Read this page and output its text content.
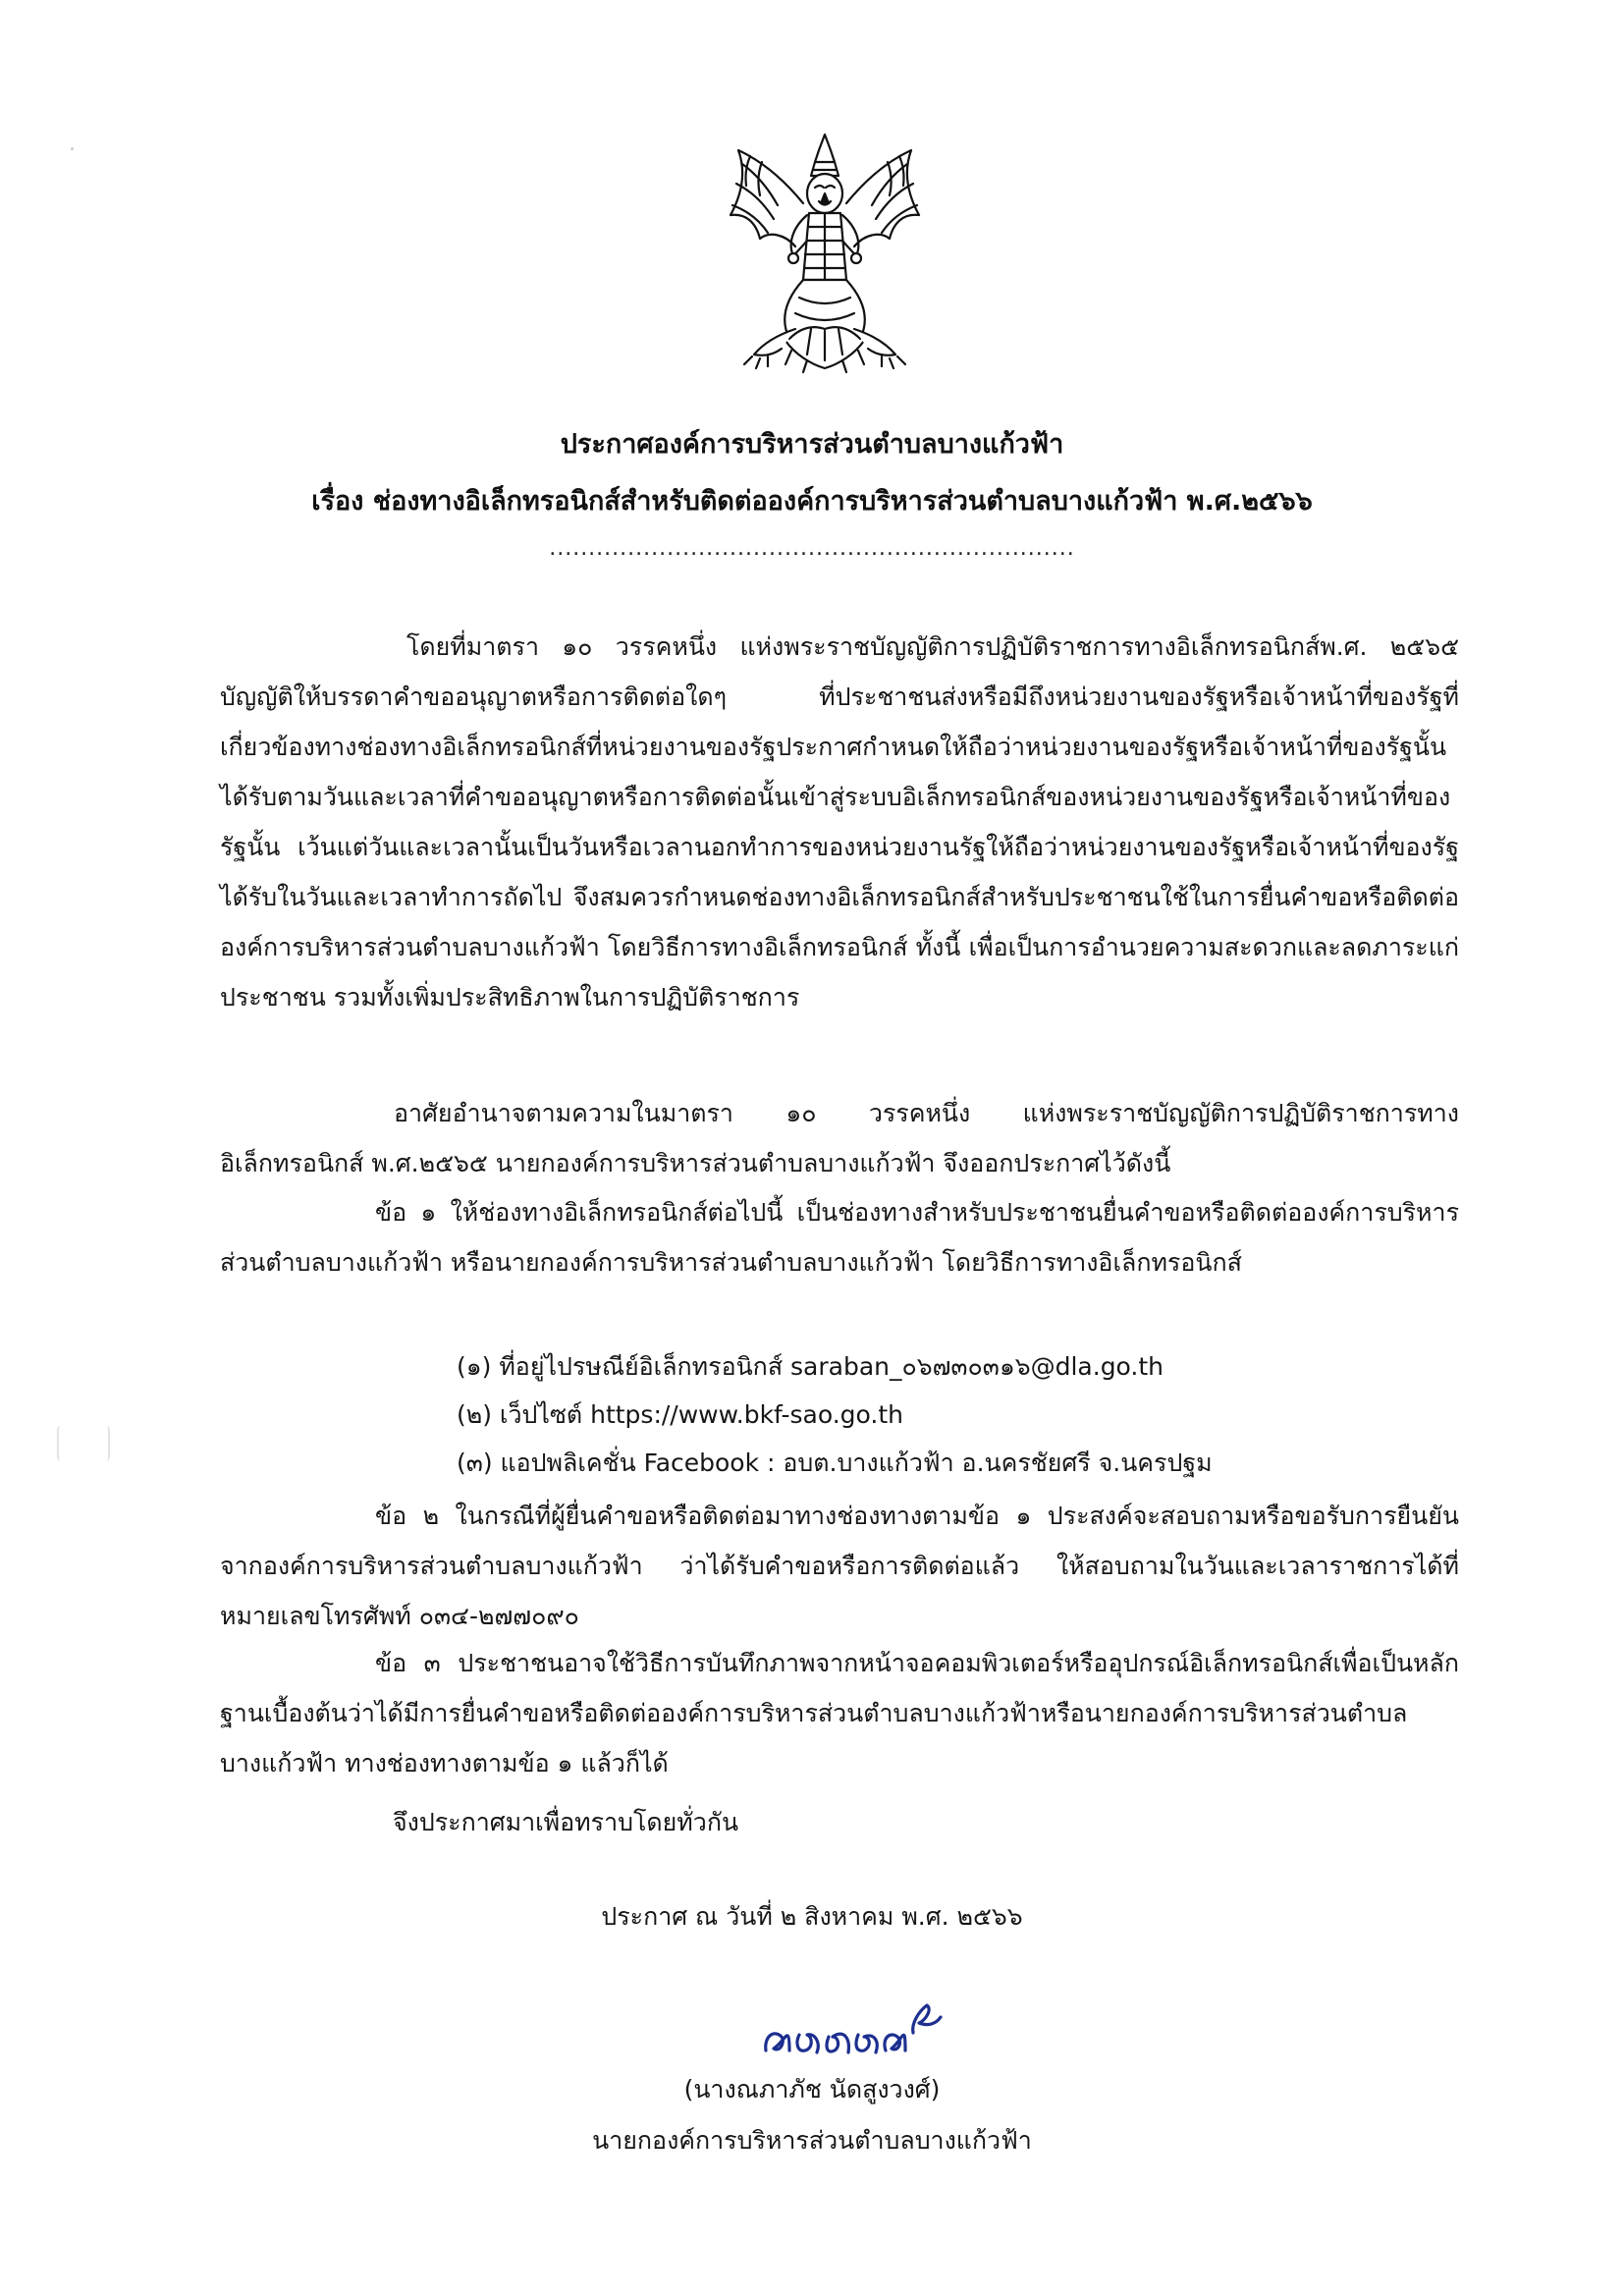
ประกาศองค์การบริหารส่วนตำบลบางแก้วฟ้า
เรื่อง ช่องทางอิเล็กทรอนิกส์สำหรับติดต่อองค์การบริหารส่วนตำบลบางแก้วฟ้า พ.ศ.๒๕๖๖
...................................................................
โดยที่มาตรา ๑๐ วรรคหนึ่ง แห่งพระราชบัญญัติการปฏิบัติราชการทางอิเล็กทรอนิกส์พ.ศ. ๒๕๖๕ บัญญัติให้บรรดาคำขออนุญาตหรือการติดต่อใดๆ ที่ประชาชนส่งหรือมีถึงหน่วยงานของรัฐหรือเจ้าหน้าที่ของรัฐที่เกี่ยวข้องทางช่องทางอิเล็กทรอนิกส์ที่หน่วยงานของรัฐประกาศกำหนดให้ถือว่าหน่วยงานของรัฐหรือเจ้าหน้าที่ของรัฐนั้นได้รับตามวันและเวลาที่คำขออนุญาตหรือการติดต่อนั้นเข้าสู่ระบบอิเล็กทรอนิกส์ของหน่วยงานของรัฐหรือเจ้าหน้าที่ของรัฐนั้น เว้นแต่วันและเวลานั้นเป็นวันหรือเวลานอกทำการของหน่วยงานรัฐให้ถือว่าหน่วยงานของรัฐหรือเจ้าหน้าที่ของรัฐได้รับในวันและเวลาทำการถัดไป จึงสมควรกำหนดช่องทางอิเล็กทรอนิกส์สำหรับประชาชนใช้ในการยื่นคำขอหรือติดต่อองค์การบริหารส่วนตำบลบางแก้วฟ้า โดยวิธีการทางอิเล็กทรอนิกส์ ทั้งนี้ เพื่อเป็นการอำนวยความสะดวกและลดภาระแก่ประชาชน รวมทั้งเพิ่มประสิทธิภาพในการปฏิบัติราชการ
อาศัยอำนาจตามความในมาตรา ๑๐ วรรคหนึ่ง แห่งพระราชบัญญัติการปฏิบัติราชการทางอิเล็กทรอนิกส์ พ.ศ.๒๕๖๕ นายกองค์การบริหารส่วนตำบลบางแก้วฟ้า จึงออกประกาศไว้ดังนี้
ข้อ ๑ ให้ช่องทางอิเล็กทรอนิกส์ต่อไปนี้ เป็นช่องทางสำหรับประชาชนยื่นคำขอหรือติดต่อองค์การบริหารส่วนตำบลบางแก้วฟ้า หรือนายกองค์การบริหารส่วนตำบลบางแก้วฟ้า โดยวิธีการทางอิเล็กทรอนิกส์
(๑) ที่อยู่ไปรษณีย์อิเล็กทรอนิกส์ saraban_๐๖๗๓๐๓๑๖@dla.go.th
(๒) เว็ปไซต์ https://www.bkf-sao.go.th
(๓) แอปพลิเคชั่น Facebook : อบต.บางแก้วฟ้า อ.นครชัยศรี จ.นครปฐม
ข้อ ๒ ในกรณีที่ผู้ยื่นคำขอหรือติดต่อมาทางช่องทางตามข้อ ๑ ประสงค์จะสอบถามหรือขอรับการยืนยันจากองค์การบริหารส่วนตำบลบางแก้วฟ้า ว่าได้รับคำขอหรือการติดต่อแล้ว ให้สอบถามในวันและเวลาราชการได้ที่หมายเลขโทรศัพท์ ๐๓๔-๒๗๗๐๙๐
ข้อ ๓ ประชาชนอาจใช้วิธีการบันทึกภาพจากหน้าจอคอมพิวเตอร์หรืออุปกรณ์อิเล็กทรอนิกส์เพื่อเป็นหลักฐานเบื้องต้นว่าได้มีการยื่นคำขอหรือติดต่อองค์การบริหารส่วนตำบลบางแก้วฟ้าหรือนายกองค์การบริหารส่วนตำบลบางแก้วฟ้า ทางช่องทางตามข้อ ๑ แล้วก็ได้
จึงประกาศมาเพื่อทราบโดยทั่วกัน
ประกาศ ณ วันที่ ๒ สิงหาคม พ.ศ. ๒๕๖๖
(นางณภาภัช นัดสูงวงศ์)
นายกองค์การบริหารส่วนตำบลบางแก้วฟ้า
